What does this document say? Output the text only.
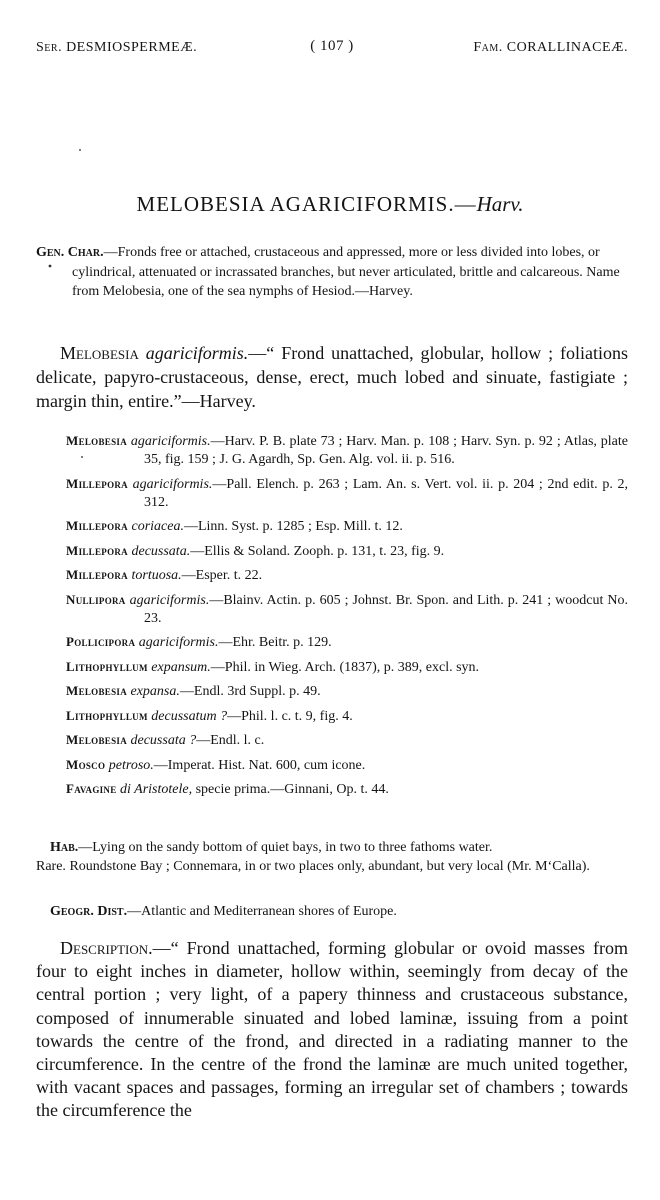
Ser. DESMIOSPERMEÆ.	( 107 )	Fam. CORALLINACEÆ.
MELOBESIA AGARICIFORMIS.—Harv.

Gen. Char.—Fronds free or attached, crustaceous and appressed, more or less divided into lobes, or cylindrical, attenuated or incrassated branches, but never articulated, brittle and calcareous. Name from Melobesia, one of the sea nymphs of Hesiod.—Harvey.

Melobesia agariciformis.—“ Frond unattached, globular, hollow ; foliations delicate, papyro-crustaceous, dense, erect, much lobed and sinuate, fastigiate ; margin thin, entire.”—Harvey.
Melobesia agariciformis.—Harv. P. B. plate 73 ; Harv. Man. p. 108 ; Harv. Syn. p. 92 ; Atlas, plate 35, fig. 159 ; J. G. Agardh, Sp. Gen. Alg. vol. ii. p. 516.
Millepora agariciformis.—Pall. Elench. p. 263 ; Lam. An. s. Vert. vol. ii. p. 204 ; 2nd edit. p. 2, 312.
Millepora coriacea.—Linn. Syst. p. 1285 ; Esp. Mill. t. 12.
Millepora decussata.—Ellis & Soland. Zooph. p. 131, t. 23, fig. 9.
Millepora tortuosa.—Esper. t. 22.
Nullipora agariciformis.—Blainv. Actin. p. 605 ; Johnst. Br. Spon. and Lith. p. 241 ; woodcut No. 23.
Pollicipora agariciformis.—Ehr. Beitr. p. 129.
Lithophyllum expansum.—Phil. in Wieg. Arch. (1837), p. 389, excl. syn.
Melobesia expansa.—Endl. 3rd Suppl. p. 49.
Lithophyllum decussatum ?—Phil. l. c. t. 9, fig. 4.
Melobesia decussata ?—Endl. l. c.
Mosco petroso.—Imperat. Hist. Nat. 600, cum icone.
Favagine di Aristotele, specie prima.—Ginnani, Op. t. 44.
Hab.—Lying on the sandy bottom of quiet bays, in two to three fathoms water.
Rare. Roundstone Bay ; Connemara, in or two places only, abundant, but very local (Mr. M‘Calla).
Geogr. Dist.—Atlantic and Mediterranean shores of Europe.
Description.—“ Frond unattached, forming globular or ovoid masses from four to eight inches in diameter, hollow within, seemingly from decay of the central portion ; very light, of a papery thinness and crustaceous substance, composed of innumerable sinuated and lobed laminæ, issuing from a point towards the centre of the frond, and directed in a radiating manner to the circumference. In the centre of the frond the laminæ are much united together, with vacant spaces and passages, forming an irregular set of chambers ; towards the circumference the
